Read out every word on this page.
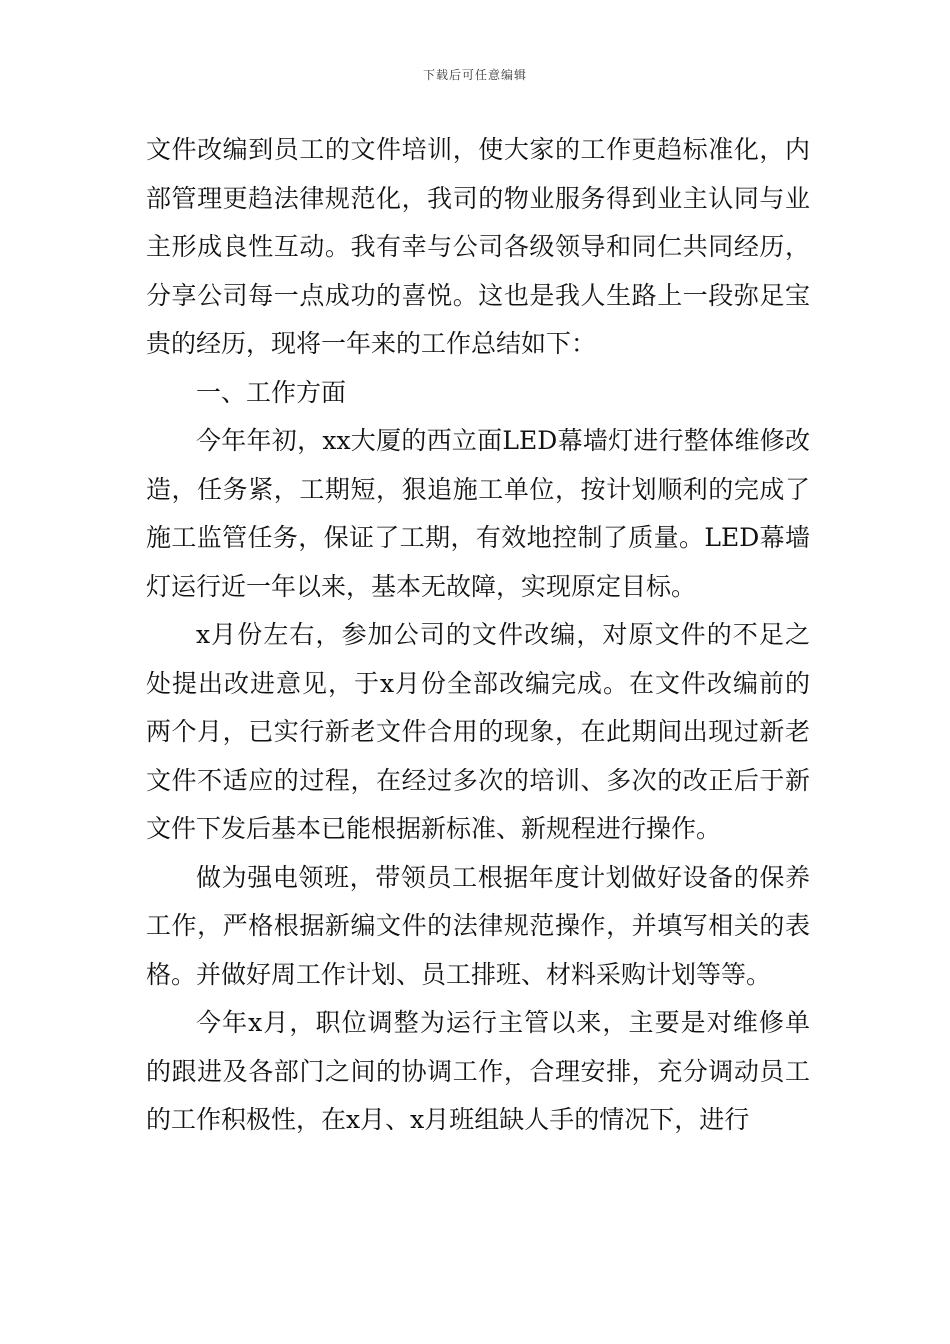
下载后可任意编辑

文件改编到员工的文件培训，使大家的工作更趋标准化，内部管理更趋法律规范化，我司的物业服务得到业主认同与业主形成良性互动。我有幸与公司各级领导和同仁共同经历，分享公司每一点成功的喜悦。这也是我人生路上一段弥足宝贵的经历，现将一年来的工作总结如下：

一、工作方面

今年年初，xx大厦的西立面LED幕墙灯进行整体维修改造，任务紧，工期短，狠追施工单位，按计划顺利的完成了施工监管任务，保证了工期，有效地控制了质量。LED幕墙灯运行近一年以来，基本无故障，实现原定目标。

x月份左右，参加公司的文件改编，对原文件的不足之处提出改进意见，于x月份全部改编完成。在文件改编前的两个月，已实行新老文件合用的现象，在此期间出现过新老文件不适应的过程，在经过多次的培训、多次的改正后于新文件下发后基本已能根据新标准、新规程进行操作。

做为强电领班，带领员工根据年度计划做好设备的保养工作，严格根据新编文件的法律规范操作，并填写相关的表格。并做好周工作计划、员工排班、材料采购计划等等。

今年x月，职位调整为运行主管以来，主要是对维修单的跟进及各部门之间的协调工作，合理安排，充分调动员工的工作积极性，在x月、x月班组缺人手的情况下，进行
